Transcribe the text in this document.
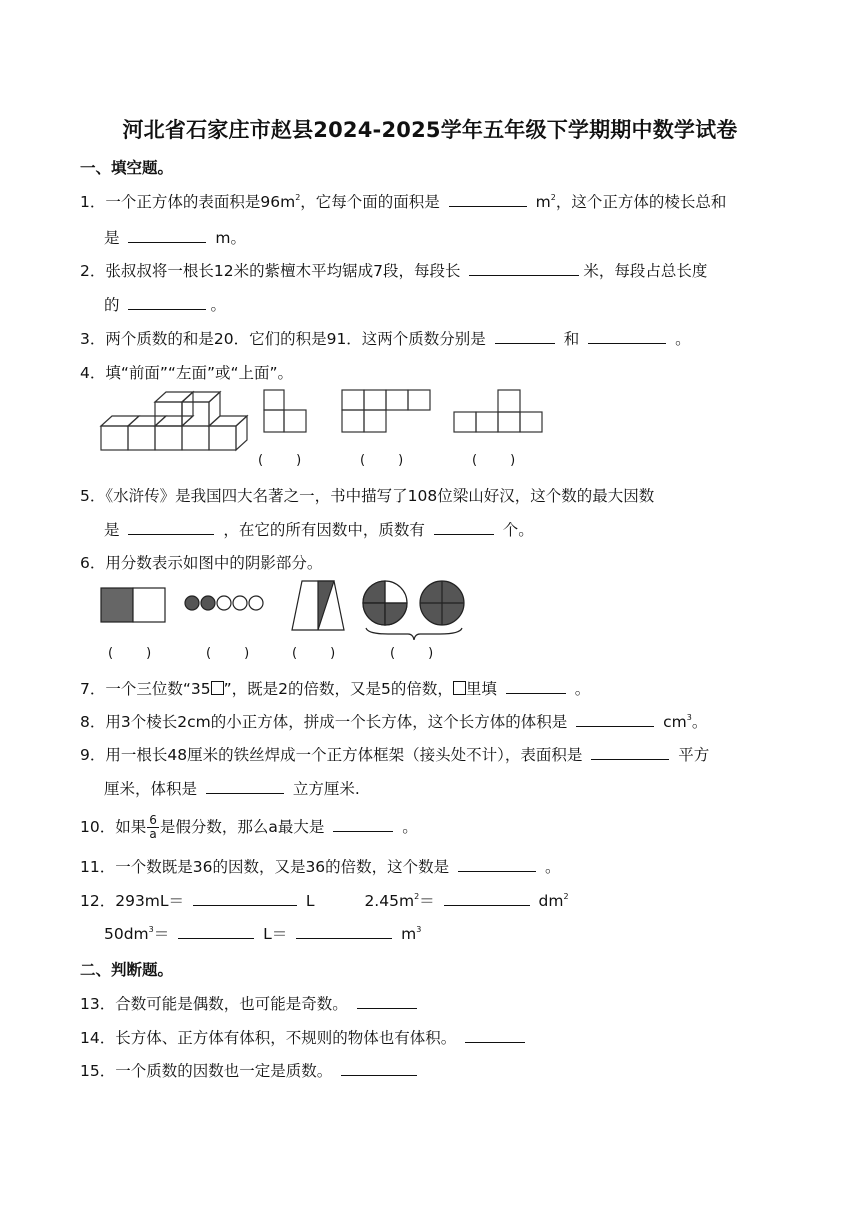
河北省石家庄市赵县2024-2025学年五年级下学期期中数学试卷
一、填空题。
1．一个正方体的表面积是$96m^2$，它每个面的面积是	$m^2$，这个正方体的棱长总和
是	m。
2．张叔叔将一根长12米的紫檀木平均锯成7段，每段长	米，每段占总长度
的	。
3．两个质数的和是20．它们的积是91．这两个质数分别是	和	。
4．填“前面”“左面”或“上面”。
(        )	(        )	(        )
5．《水浒传》是我国四大名著之一，书中描写了108位梁山好汉，这个数的最大因数
是	，在它的所有因数中，质数有	个。
6．用分数表示如图中的阴影部分。
(        )	(        )	(        )	(        )
7．一个三位数“35 ”，既是2的倍数，又是5的倍数， 里填	。
8．用3个棱长2cm的小正方体，拼成一个长方体，这个长方体的体积是	$cm^3$。
9．用一根长48厘米的铁丝焊成一个正方体框架（接头处不计），表面积是	平方
厘米，体积是	立方厘米.
10．如果 $\frac{6}{a}$ 是假分数，那么a最大是	。
11．一个数既是36的因数，又是36的倍数，这个数是	。
12．293mL＝	L	$2.45m^2=$	$dm^2$
$50dm^3=$	L＝	$m^3$
二、判断题。
13．合数可能是偶数，也可能是奇数。
14．长方体、正方体有体积，不规则的物体也有体积。
15．一个质数的因数也一定是质数。
